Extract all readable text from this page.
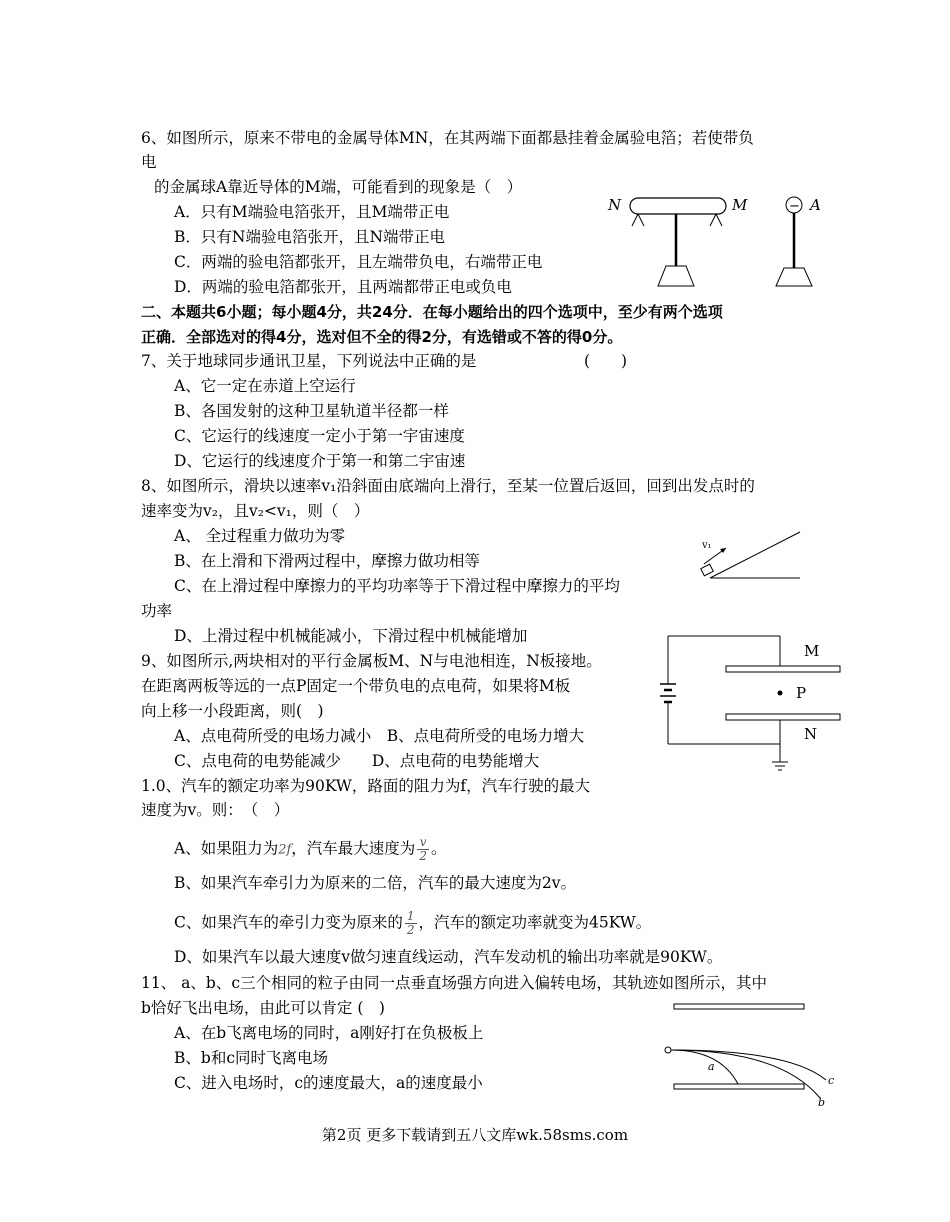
6、如图所示，原来不带电的金属导体MN，在其两端下面都悬挂着金属验电箔；若使带负
电
的金属球A靠近导体的M端，可能看到的现象是（　）
A．只有M端验电箔张开，且M端带正电
B．只有N端验电箔张开，且N端带正电
C．两端的验电箔都张开，且左端带负电，右端带正电
D．两端的验电箔都张开，且两端都带正电或负电
N	M	− A
二、本题共6小题；每小题4分，共24分．在每小题给出的四个选项中，至少有两个选项
正确．全部选对的得4分，选对但不全的得2分，有选错或不答的得0分。
7、关于地球同步通讯卫星，下列说法中正确的是	(　　)
A、它一定在赤道上空运行
B、各国发射的这种卫星轨道半径都一样
C、它运行的线速度一定小于第一宇宙速度
D、它运行的线速度介于第一和第二宇宙速
8、如图所示，滑块以速率v₁沿斜面由底端向上滑行，至某一位置后返回，回到出发点时的
速率变为v₂，且v₂<v₁，则（　）
A、 全过程重力做功为零
B、在上滑和下滑两过程中，摩擦力做功相等
C、在上滑过程中摩擦力的平均功率等于下滑过程中摩擦力的平均
功率
D、上滑过程中机械能减小，下滑过程中机械能增加
v₁
9、如图所示,两块相对的平行金属板M、N与电池相连，N板接地。
在距离两板等远的一点P固定一个带负电的点电荷，如果将M板
向上移一小段距离，则(　)
A、点电荷所受的电场力减小　B、点电荷所受的电场力增大
C、点电荷的电势能减少　　D、点电荷的电势能增大
M
P
N
1.0、汽车的额定功率为90KW，路面的阻力为f，汽车行驶的最大
速度为v。则：　（　）
A、如果阻力为2f，汽车最大速度为 $\frac{v}{2}$ 。
B、如果汽车牵引力为原来的二倍，汽车的最大速度为2v。
C、如果汽车的牵引力变为原来的 $\frac{1}{2}$ ，汽车的额定功率就变为45KW。
D、如果汽车以最大速度v做匀速直线运动，汽车发动机的输出功率就是90KW。
11、 a、b、c三个相同的粒子由同一点垂直场强方向进入偏转电场，其轨迹如图所示，其中
b恰好飞出电场，由此可以肯定 (　)
A、在b飞离电场的同时，a刚好打在负极板上
B、b和c同时飞离电场
C、进入电场时，c的速度最大，a的速度最小
a
b
c
第2页 更多下载请到五八文库wk.58sms.com
